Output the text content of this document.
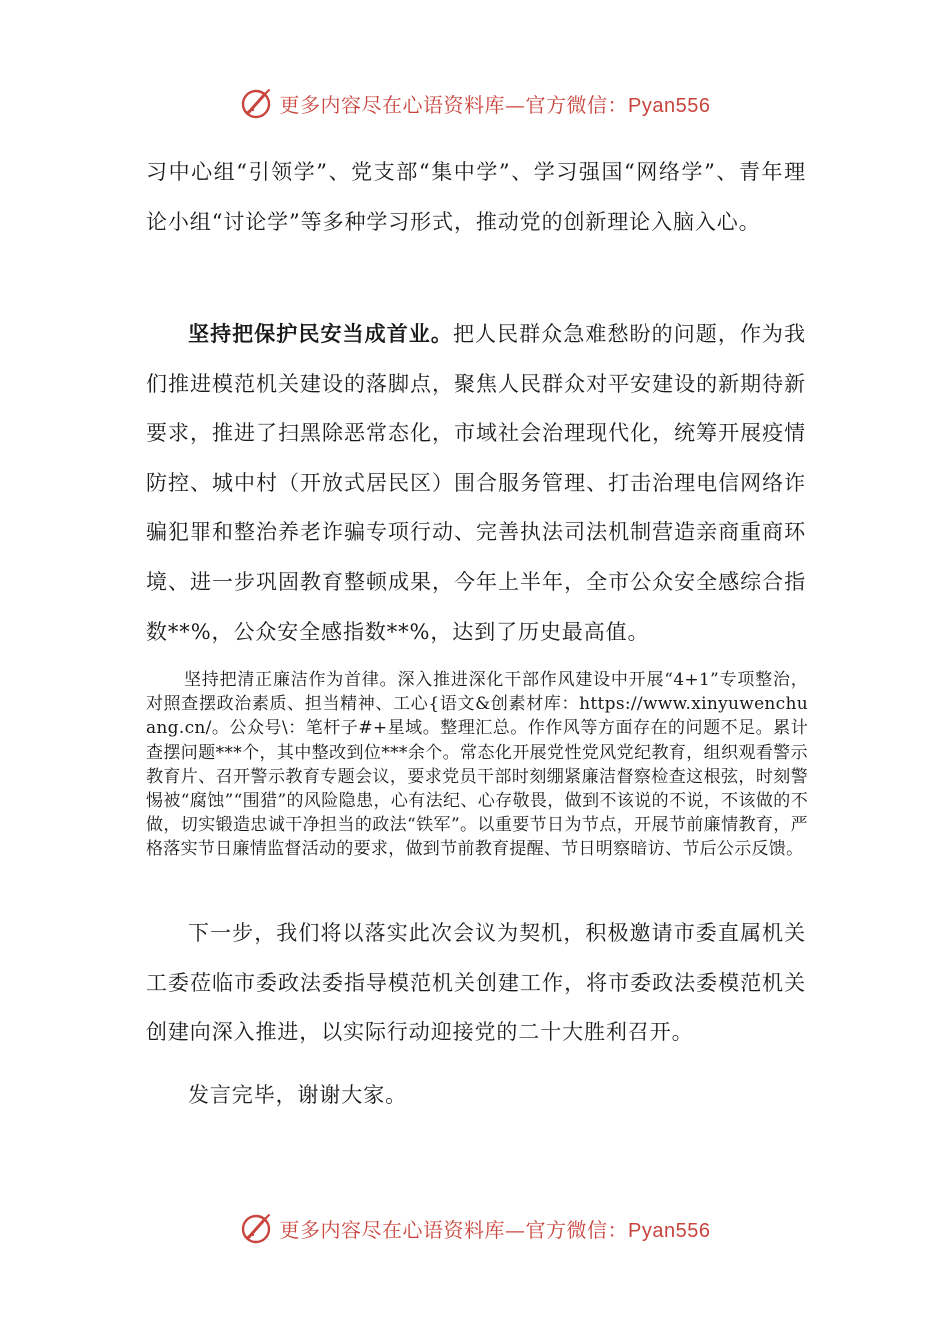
更多内容尽在心语资料库—官方微信：Pyan556

习中心组“引领学”、党支部“集中学”、学习强国“网络学”、青年理论小组“讨论学”等多种学习形式，推动党的创新理论入脑入心。

坚持把保护民安当成首业。把人民群众急难愁盼的问题，作为我们推进模范机关建设的落脚点，聚焦人民群众对平安建设的新期待新要求，推进了扫黑除恶常态化，市域社会治理现代化，统筹开展疫情防控、城中村（开放式居民区）围合服务管理、打击治理电信网络诈骗犯罪和整治养老诈骗专项行动、完善执法司法机制营造亲商重商环境、进一步巩固教育整顿成果，今年上半年，全市公众安全感综合指数**%，公众安全感指数**%，达到了历史最高值。

坚持把清正廉洁作为首律。深入推进深化干部作风建设中开展“4+1”专项整治，对照查摆政治素质、担当精神、工心{语文&创素材库：https://www.xinyuwenchuang.cn/。公众号\：笔杆子#+星域。整理汇总。作作风等方面存在的问题不足。累计查摆问题***个，其中整改到位***余个。常态化开展党性党风党纪教育，组织观看警示教育片、召开警示教育专题会议，要求党员干部时刻绷紧廉洁督察检查这根弦，时刻警惕被“腐蚀”“围猎”的风险隐患，心有法纪、心存敬畏，做到不该说的不说，不该做的不做，切实锻造忠诚干净担当的政法“铁军”。以重要节日为节点，开展节前廉情教育，严格落实节日廉情监督活动的要求，做到节前教育提醒、节日明察暗访、节后公示反馈。

下一步，我们将以落实此次会议为契机，积极邀请市委直属机关工委莅临市委政法委指导模范机关创建工作，将市委政法委模范机关创建向深入推进，以实际行动迎接党的二十大胜利召开。

发言完毕，谢谢大家。

更多内容尽在心语资料库—官方微信：Pyan556
